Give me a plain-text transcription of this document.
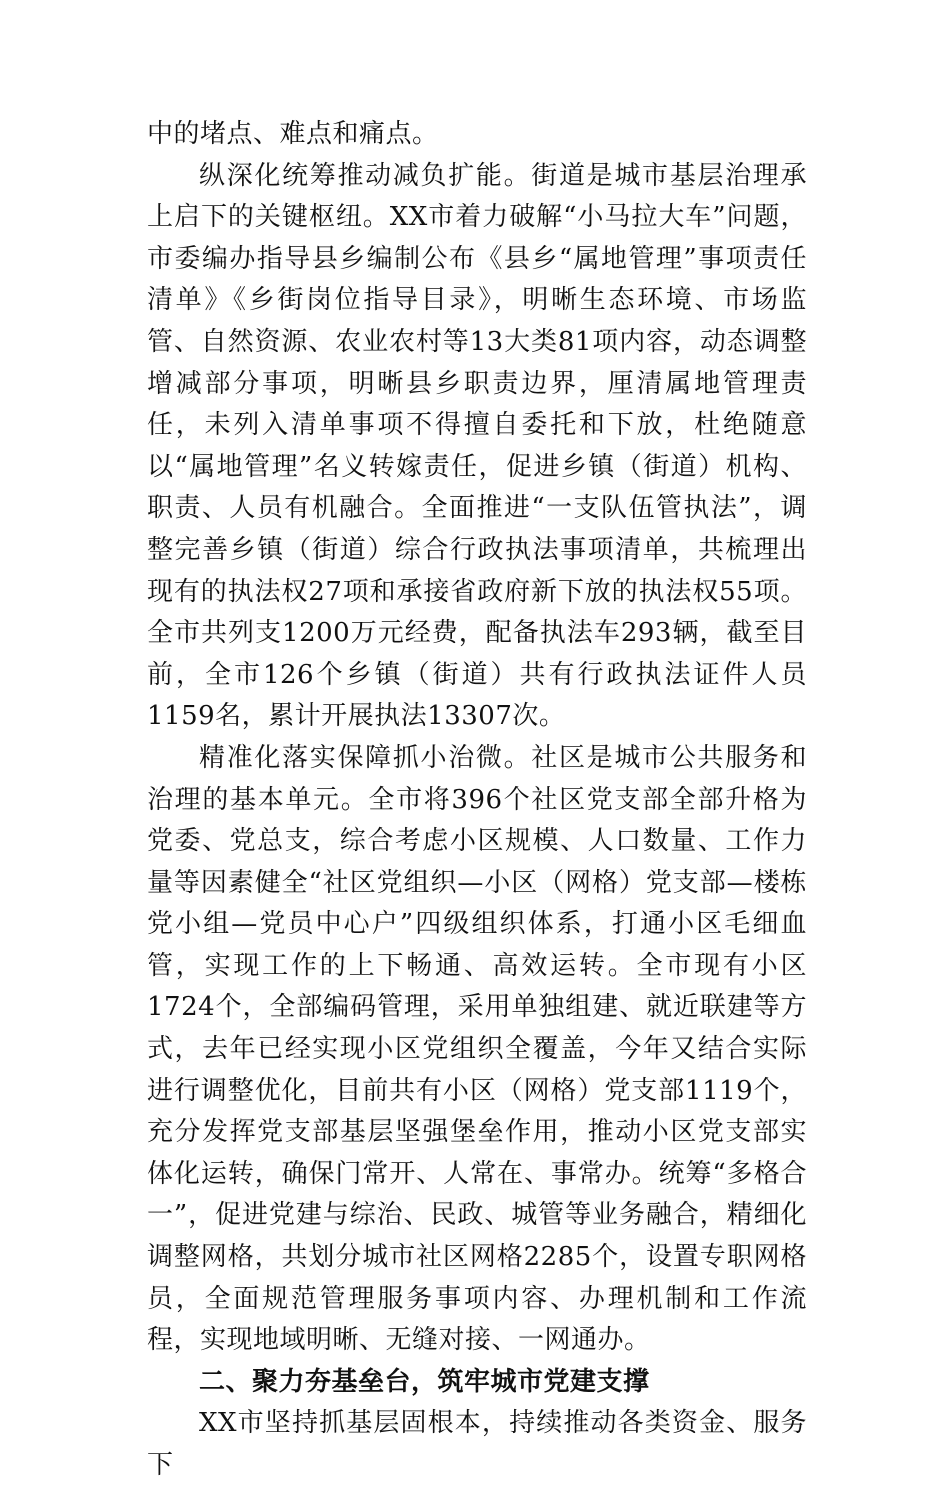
中的堵点、难点和痛点。

纵深化统筹推动减负扩能。街道是城市基层治理承上启下的关键枢纽。XX市着力破解“小马拉大车”问题，市委编办指导县乡编制公布《县乡“属地管理”事项责任清单》《乡街岗位指导目录》，明晰生态环境、市场监管、自然资源、农业农村等13大类81项内容，动态调整增减部分事项，明晰县乡职责边界，厘清属地管理责任，未列入清单事项不得擅自委托和下放，杜绝随意以“属地管理”名义转嫁责任，促进乡镇（街道）机构、职责、人员有机融合。全面推进“一支队伍管执法”，调整完善乡镇（街道）综合行政执法事项清单，共梳理出现有的执法权27项和承接省政府新下放的执法权55项。全市共列支1200万元经费，配备执法车293辆，截至目前，全市126个乡镇（街道）共有行政执法证件人员1159名，累计开展执法13307次。

精准化落实保障抓小治微。社区是城市公共服务和治理的基本单元。全市将396个社区党支部全部升格为党委、党总支，综合考虑小区规模、人口数量、工作力量等因素健全“社区党组织—小区（网格）党支部—楼栋党小组—党员中心户”四级组织体系，打通小区毛细血管，实现工作的上下畅通、高效运转。全市现有小区1724个，全部编码管理，采用单独组建、就近联建等方式，去年已经实现小区党组织全覆盖，今年又结合实际进行调整优化，目前共有小区（网格）党支部1119个，充分发挥党支部基层坚强堡垒作用，推动小区党支部实体化运转，确保门常开、人常在、事常办。统筹“多格合一”，促进党建与综治、民政、城管等业务融合，精细化调整网格，共划分城市社区网格2285个，设置专职网格员，全面规范管理服务事项内容、办理机制和工作流程，实现地域明晰、无缝对接、一网通办。

二、聚力夯基垒台，筑牢城市党建支撑

XX市坚持抓基层固根本，持续推动各类资金、服务下
